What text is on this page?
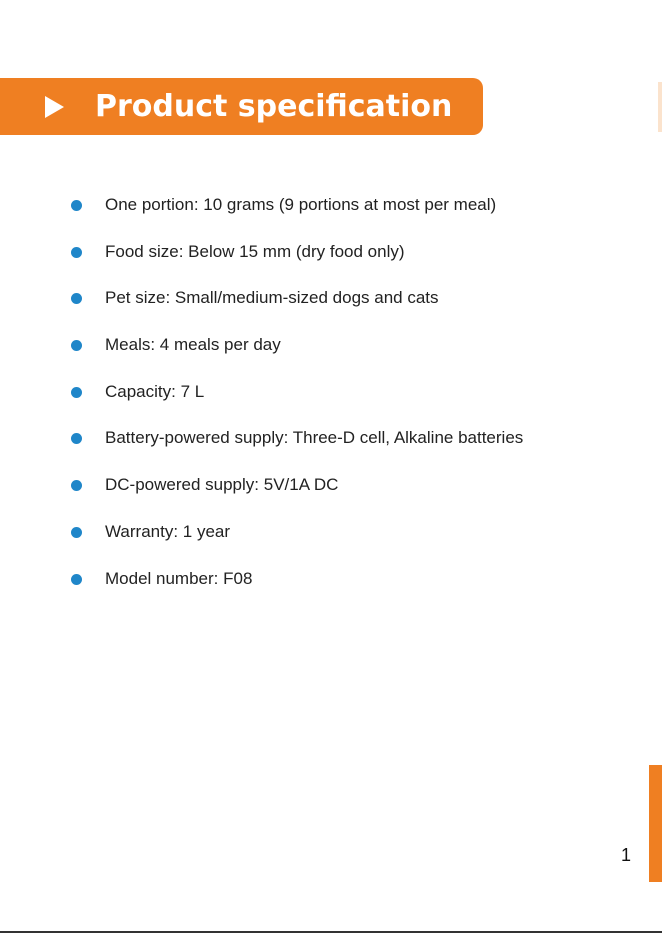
Product specification
One portion: 10 grams (9 portions at most per meal)
Food size: Below 15 mm (dry food only)
Pet size: Small/medium-sized dogs and cats
Meals: 4 meals per day
Capacity: 7 L
Battery-powered supply: Three-D cell, Alkaline batteries
DC-powered supply: 5V/1A DC
Warranty: 1 year
Model number: F08
1
